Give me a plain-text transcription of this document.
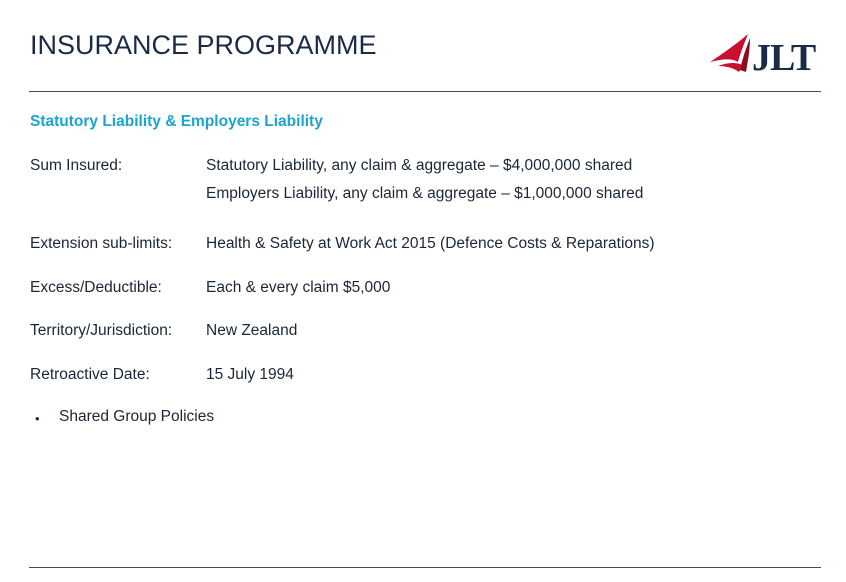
INSURANCE PROGRAMME	JLT
Statutory Liability & Employers Liability
Sum Insured:	Statutory Liability, any claim & aggregate – $4,000,000 shared
Employers Liability, any claim & aggregate – $1,000,000 shared
Extension sub-limits: Health & Safety at Work Act 2015 (Defence Costs & Reparations)
Excess/Deductible:	Each & every claim $5,000
Territory/Jurisdiction: New Zealand
Retroactive Date:	15 July 1994
• Shared Group Policies
